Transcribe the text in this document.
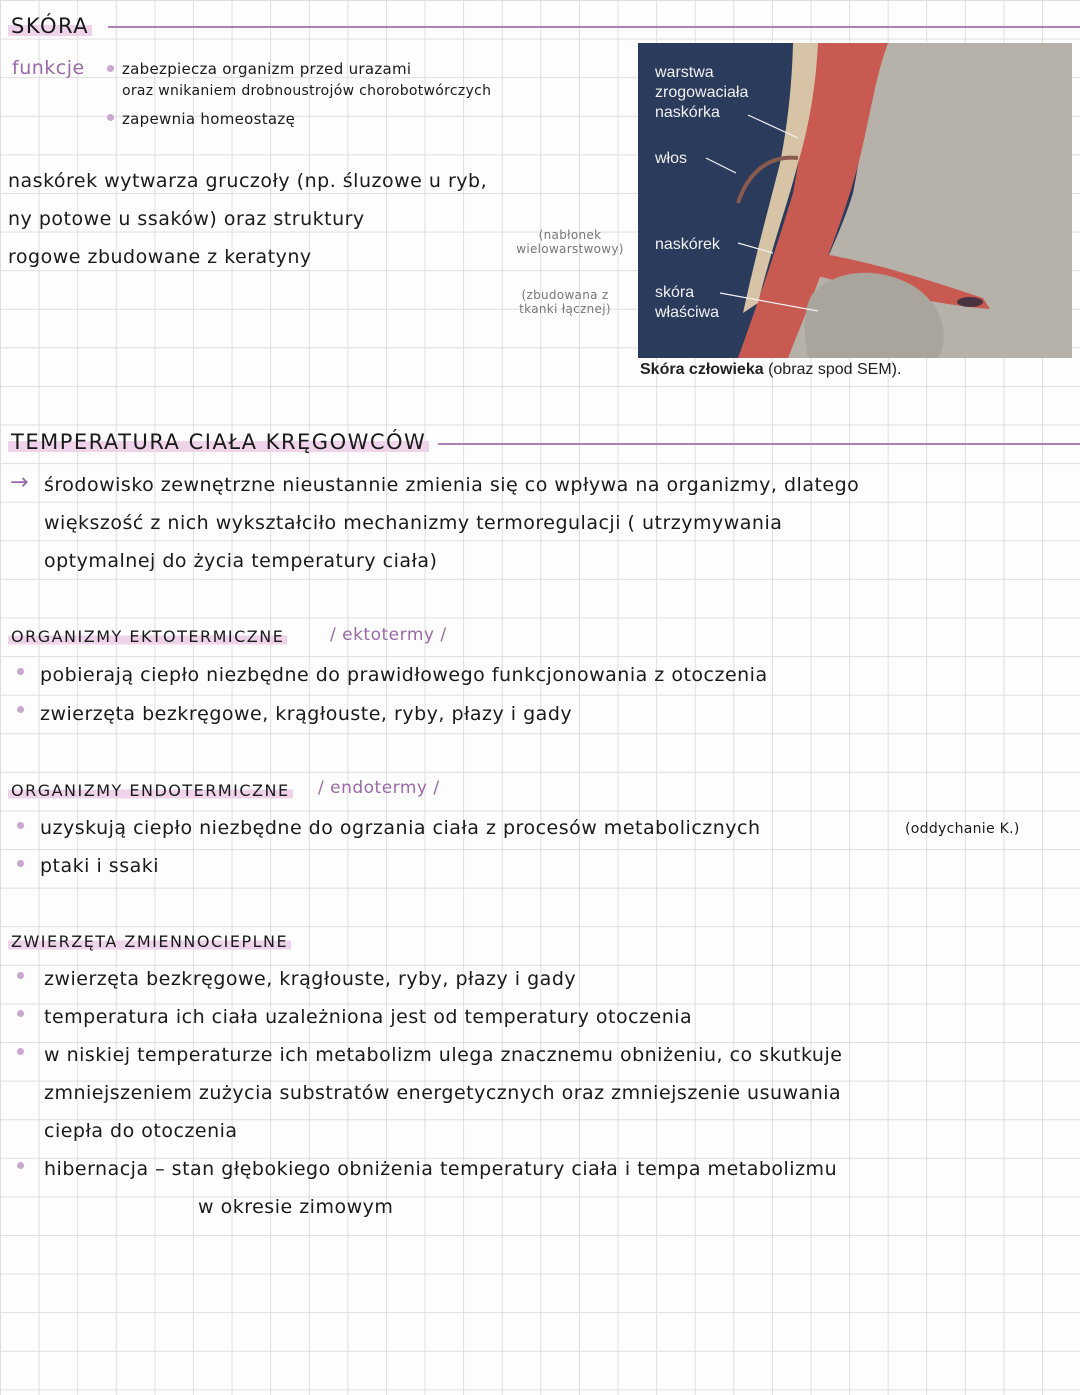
SKÓRA
funkcje zabezpiecza organizm przed urazami
oraz wnikaniem drobnoustrojów chorobotwórczych
zapewnia homeostazę
naskórek wytwarza gruczoły (np. śluzowe u ryb,
ny potowe u ssaków) oraz struktury
rogowe zbudowane z keratyny
(nabłonek
wielowarstwowy)
(zbudowana z
tkanki łącznej)
warstwa
zrogowaciała
naskórka
włos
naskórek
skóra
właściwa
Skóra człowieka (obraz spod SEM).
TEMPERATURA CIAŁA KRĘGOWCÓW
→ środowisko zewnętrzne nieustannie zmienia się co wpływa na organizmy, dlatego
większość z nich wykształciło mechanizmy termoregulacji ( utrzymywania
optymalnej do życia temperatury ciała)
ORGANIZMY EKTOTERMICZNE	/ ektotermy /
pobierają ciepło niezbędne do prawidłowego funkcjonowania z otoczenia
zwierzęta bezkręgowe, krągłouste, ryby, płazy i gady
ORGANIZMY ENDOTERMICZNE / endotermy /
uzyskują ciepło niezbędne do ogrzania ciała z procesów metabolicznych	(oddychanie K.)
ptaki i ssaki
ZWIERZĘTA ZMIENNOCIEPLNE
zwierzęta bezkręgowe, krągłouste, ryby, płazy i gady
temperatura ich ciała uzależniona jest od temperatury otoczenia
w niskiej temperaturze ich metabolizm ulega znacznemu obniżeniu, co skutkuje
zmniejszeniem zużycia substratów energetycznych oraz zmniejszenie usuwania
ciepła do otoczenia
hibernacja – stan głębokiego obniżenia temperatury ciała i tempa metabolizmu
w okresie zimowym
